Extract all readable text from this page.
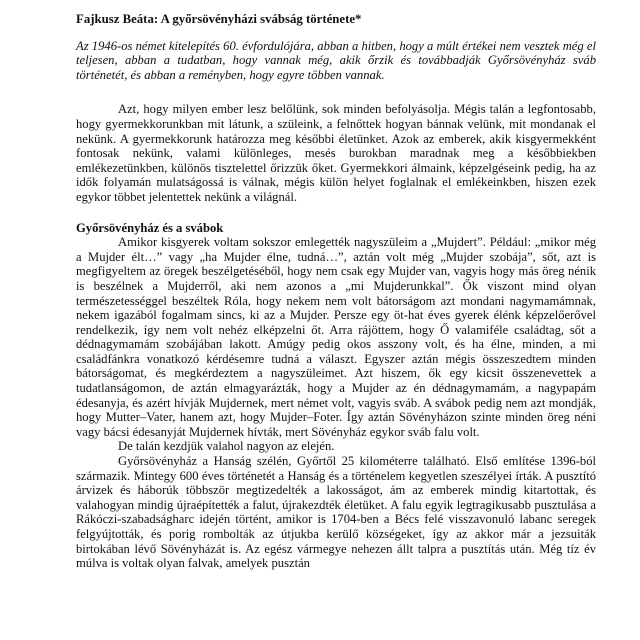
Fajkusz Beáta: A győrsövényházi svábság története*

Az 1946-os német kitelepítés 60. évfordulójára, abban a hitben, hogy a múlt értékei nem vesztek még el teljesen, abban a tudatban, hogy vannak még, akik őrzik és továbbadják Győrsövényház sváb történetét, és abban a reményben, hogy egyre többen vannak.

Azt, hogy milyen ember lesz belőlünk, sok minden befolyásolja. Mégis talán a legfontosabb, hogy gyermekkorunkban mit látunk, a szüleink, a felnőttek hogyan bánnak velünk, mit mondanak el nekünk. A gyermekkorunk határozza meg későbbi életünket. Azok az emberek, akik kisgyermekként fontosak nekünk, valami különleges, mesés burokban maradnak meg a későbbiekben emlékezetünkben, különös tisztelettel őrizzük őket. Gyermekkori álmaink, képzelgéseink pedig, ha az idők folyamán mulatságossá is válnak, mégis külön helyet foglalnak el emlékeinkben, hiszen ezek egykor többet jelentettek nekünk a világnál.

Győrsövényház és a svábok

Amikor kisgyerek voltam sokszor emlegették nagyszüleim a „Mujdert”. Például: „mikor még a Mujder élt…” vagy „ha Mujder élne, tudná…”, aztán volt még „Mujder szobája”, sőt, azt is megfigyeltem az öregek beszélgetéséből, hogy nem csak egy Mujder van, vagyis hogy más öreg nénik is beszélnek a Mujderről, aki nem azonos a „mi Mujderunkkal”. Ők viszont mind olyan természetességgel beszéltek Róla, hogy nekem nem volt bátorságom azt mondani nagymamámnak, nekem igazából fogalmam sincs, ki az a Mujder. Persze egy öt-hat éves gyerek élénk képzelőerővel rendelkezik, így nem volt nehéz elképzelni őt. Arra rájöttem, hogy Ő valamiféle családtag, sőt a dédnagymamám szobájában lakott. Amúgy pedig okos asszony volt, és ha élne, minden, a mi családfánkra vonatkozó kérdésemre tudná a választ. Egyszer aztán mégis összeszedtem minden bátorságomat, és megkérdeztem a nagyszüleimet. Azt hiszem, ők egy kicsit összenevettek a tudatlanságomon, de aztán elmagyarázták, hogy a Mujder az én dédnagymamám, a nagypapám édesanyja, és azért hívják Mujdernek, mert német volt, vagyis sváb. A svábok pedig nem azt mondják, hogy Mutter–Vater, hanem azt, hogy Mujder–Foter. Így aztán Sövényházon szinte minden öreg néni vagy bácsi édesanyját Mujdernek hívták, mert Sövényház egykor sváb falu volt.

De talán kezdjük valahol nagyon az elején.

Győrsövényház a Hanság szélén, Győrtől 25 kilométerre található. Első említése 1396-ból származik. Mintegy 600 éves történetét a Hanság és a történelem kegyetlen szeszélyei írták. A pusztító árvizek és háborúk többször megtizedelték a lakosságot, ám az emberek mindig kitartottak, és valahogyan mindig újraépítették a falut, újrakezdték életüket. A falu egyik legtragikusabb pusztulása a Rákóczi-szabadságharc idején történt, amikor is 1704-ben a Bécs felé visszavonuló labanc seregek felgyújtották, és porig rombolták az útjukba kerülő községeket, így az akkor már a jezsuiták birtokában lévő Sövényházát is. Az egész vármegye nehezen állt talpra a pusztítás után. Még tíz év múlva is voltak olyan falvak, amelyek pusztán
